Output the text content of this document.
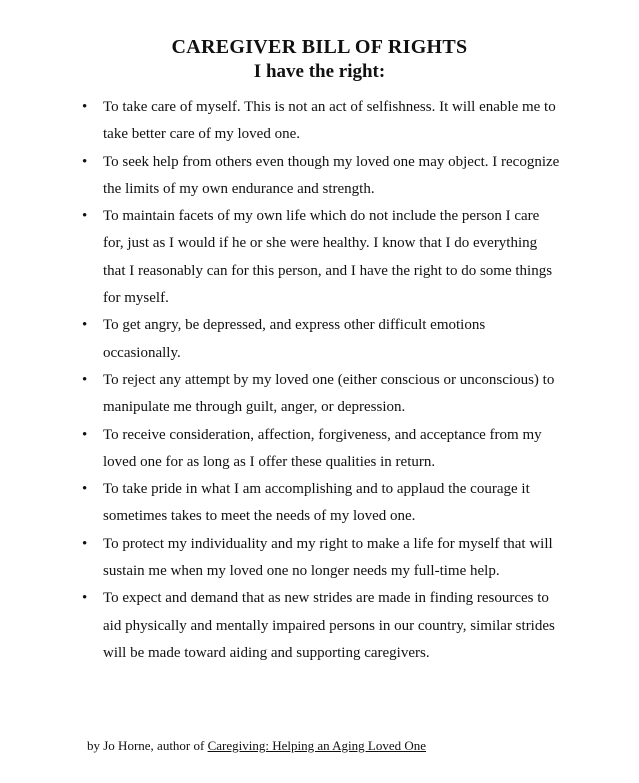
CAREGIVER BILL OF RIGHTS
I have the right:
• To take care of myself. This is not an act of selfishness. It will enable me to take better care of my loved one.
• To seek help from others even though my loved one may object. I recognize the limits of my own endurance and strength.
• To maintain facets of my own life which do not include the person I care for, just as I would if he or she were healthy. I know that I do everything that I reasonably can for this person, and I have the right to do some things for myself.
• To get angry, be depressed, and express other difficult emotions occasionally.
• To reject any attempt by my loved one (either conscious or unconscious) to manipulate me through guilt, anger, or depression.
• To receive consideration, affection, forgiveness, and acceptance from my loved one for as long as I offer these qualities in return.
• To take pride in what I am accomplishing and to applaud the courage it sometimes takes to meet the needs of my loved one.
• To protect my individuality and my right to make a life for myself that will sustain me when my loved one no longer needs my full-time help.
• To expect and demand that as new strides are made in finding resources to aid physically and mentally impaired persons in our country, similar strides will be made toward aiding and supporting caregivers.

by Jo Horne, author of Caregiving: Helping an Aging Loved One
